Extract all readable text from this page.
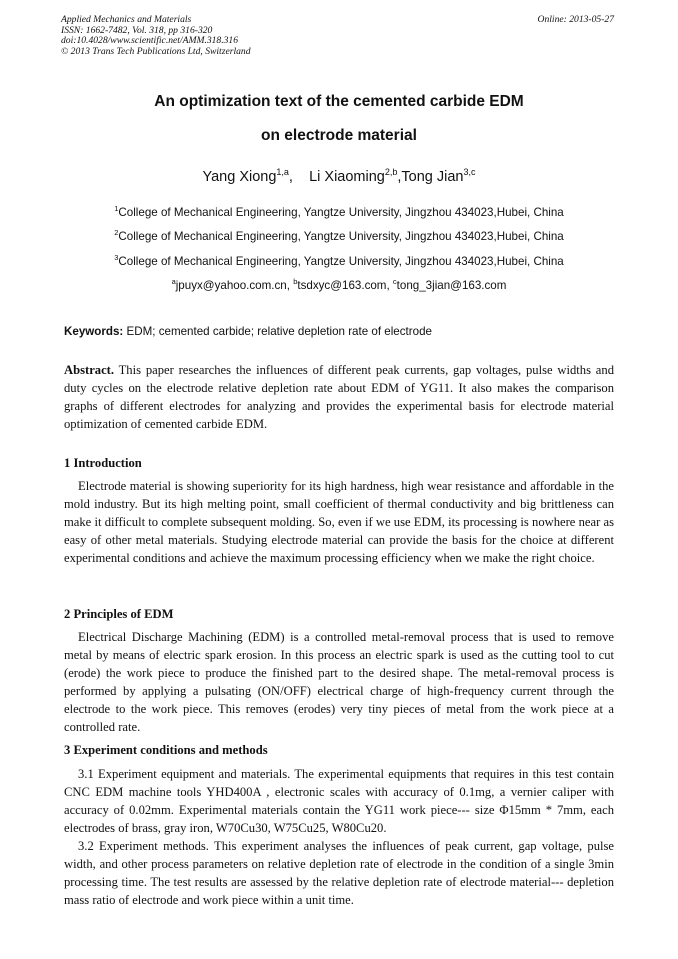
Applied Mechanics and Materials
ISSN: 1662-7482, Vol. 318, pp 316-320
doi:10.4028/www.scientific.net/AMM.318.316
© 2013 Trans Tech Publications Ltd, Switzerland
Online: 2013-05-27
An optimization text of the cemented carbide EDM
on electrode material
Yang Xiong$^{1,a}$,    Li Xiaoming$^{2,b}$,Tong Jian$^{3,c}$
$^1$College of Mechanical Engineering, Yangtze University, Jingzhou 434023,Hubei, China
$^2$College of Mechanical Engineering, Yangtze University, Jingzhou 434023,Hubei, China
$^3$College of Mechanical Engineering, Yangtze University, Jingzhou 434023,Hubei, China
$^a$jpuyx@yahoo.com.cn, $^b$tsdxyc@163.com, $^c$tong_3jian@163.com
Keywords: EDM; cemented carbide; relative depletion rate of electrode
Abstract. This paper researches the influences of different peak currents, gap voltages, pulse widths and duty cycles on the electrode relative depletion rate about EDM of YG11. It also makes the comparison graphs of different electrodes for analyzing and provides the experimental basis for electrode material optimization of cemented carbide EDM.
1 Introduction
Electrode material is showing superiority for its high hardness, high wear resistance and affordable in the mold industry. But its high melting point, small coefficient of thermal conductivity and big brittleness can make it difficult to complete subsequent molding. So, even if we use EDM, its processing is nowhere near as easy of other metal materials. Studying electrode material can provide the basis for the choice at different experimental conditions and achieve the maximum processing efficiency when we make the right choice.
2 Principles of EDM
Electrical Discharge Machining (EDM) is a controlled metal-removal process that is used to remove metal by means of electric spark erosion. In this process an electric spark is used as the cutting tool to cut (erode) the work piece to produce the finished part to the desired shape. The metal-removal process is performed by applying a pulsating (ON/OFF) electrical charge of high-frequency current through the electrode to the work piece. This removes (erodes) very tiny pieces of metal from the work piece at a controlled rate.
3 Experiment conditions and methods
3.1 Experiment equipment and materials. The experimental equipments that requires in this test contain CNC EDM machine tools YHD400A , electronic scales with accuracy of 0.1mg, a vernier caliper with accuracy of 0.02mm. Experimental materials contain the YG11 work piece--- size Φ15mm * 7mm, each electrodes of brass, gray iron, W70Cu30, W75Cu25, W80Cu20.
3.2 Experiment methods. This experiment analyses the influences of peak current, gap voltage, pulse width, and other process parameters on relative depletion rate of electrode in the condition of a single 3min processing time. The test results are assessed by the relative depletion rate of electrode material--- depletion mass ratio of electrode and work piece within a unit time.
